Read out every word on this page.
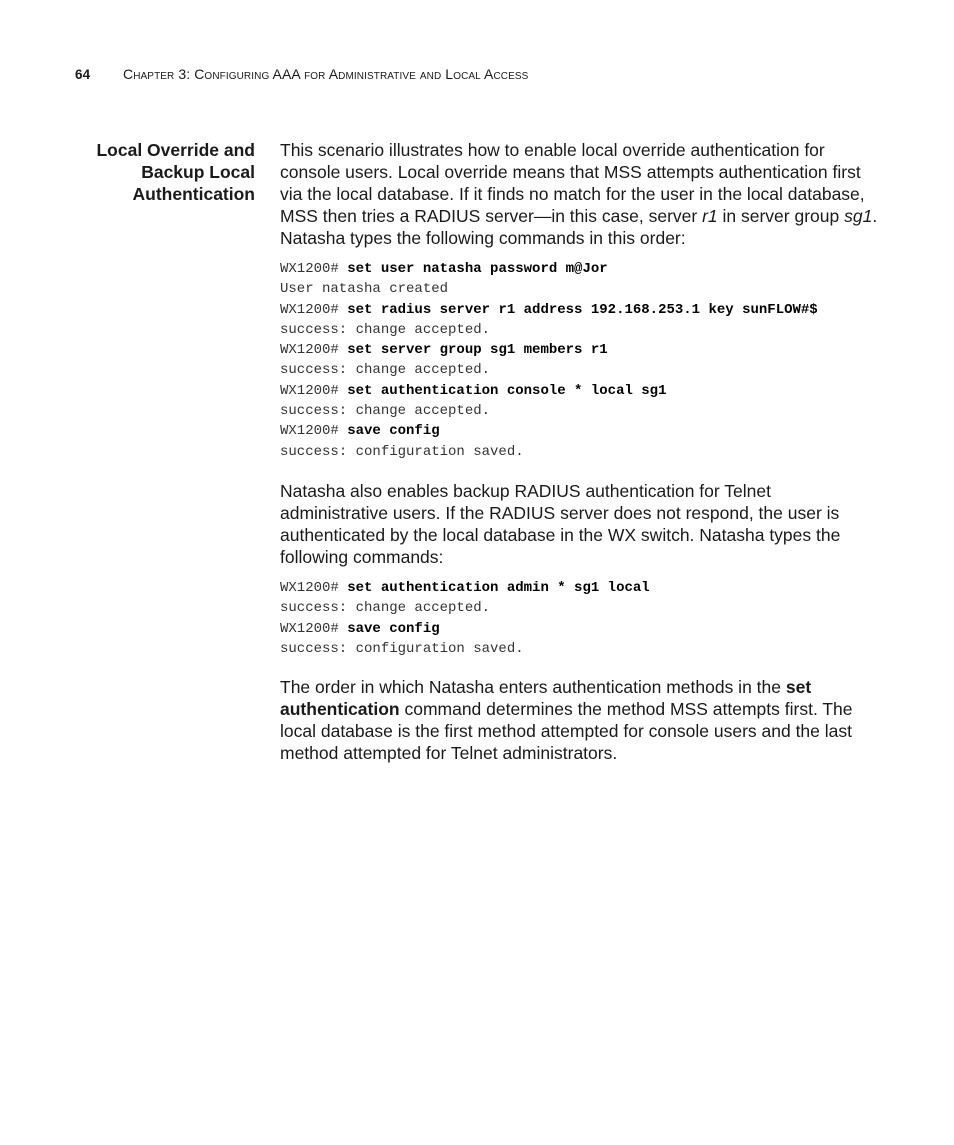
64 Chapter 3: Configuring AAA for Administrative and Local Access
Local Override and
Backup Local
Authentication

This scenario illustrates how to enable local override authentication for console users. Local override means that MSS attempts authentication first via the local database. If it finds no match for the user in the local database, MSS then tries a RADIUS server—in this case, server r1 in server group sg1. Natasha types the following commands in this order:

WX1200# set user natasha password m@Jor
User natasha created
WX1200# set radius server r1 address 192.168.253.1 key sunFLOW#$
success: change accepted.
WX1200# set server group sg1 members r1
success: change accepted.
WX1200# set authentication console * local sg1
success: change accepted.
WX1200# save config
success: configuration saved.

Natasha also enables backup RADIUS authentication for Telnet administrative users. If the RADIUS server does not respond, the user is authenticated by the local database in the WX switch. Natasha types the following commands:

WX1200# set authentication admin * sg1 local
success: change accepted.
WX1200# save config
success: configuration saved.

The order in which Natasha enters authentication methods in the set authentication command determines the method MSS attempts first. The local database is the first method attempted for console users and the last method attempted for Telnet administrators.
